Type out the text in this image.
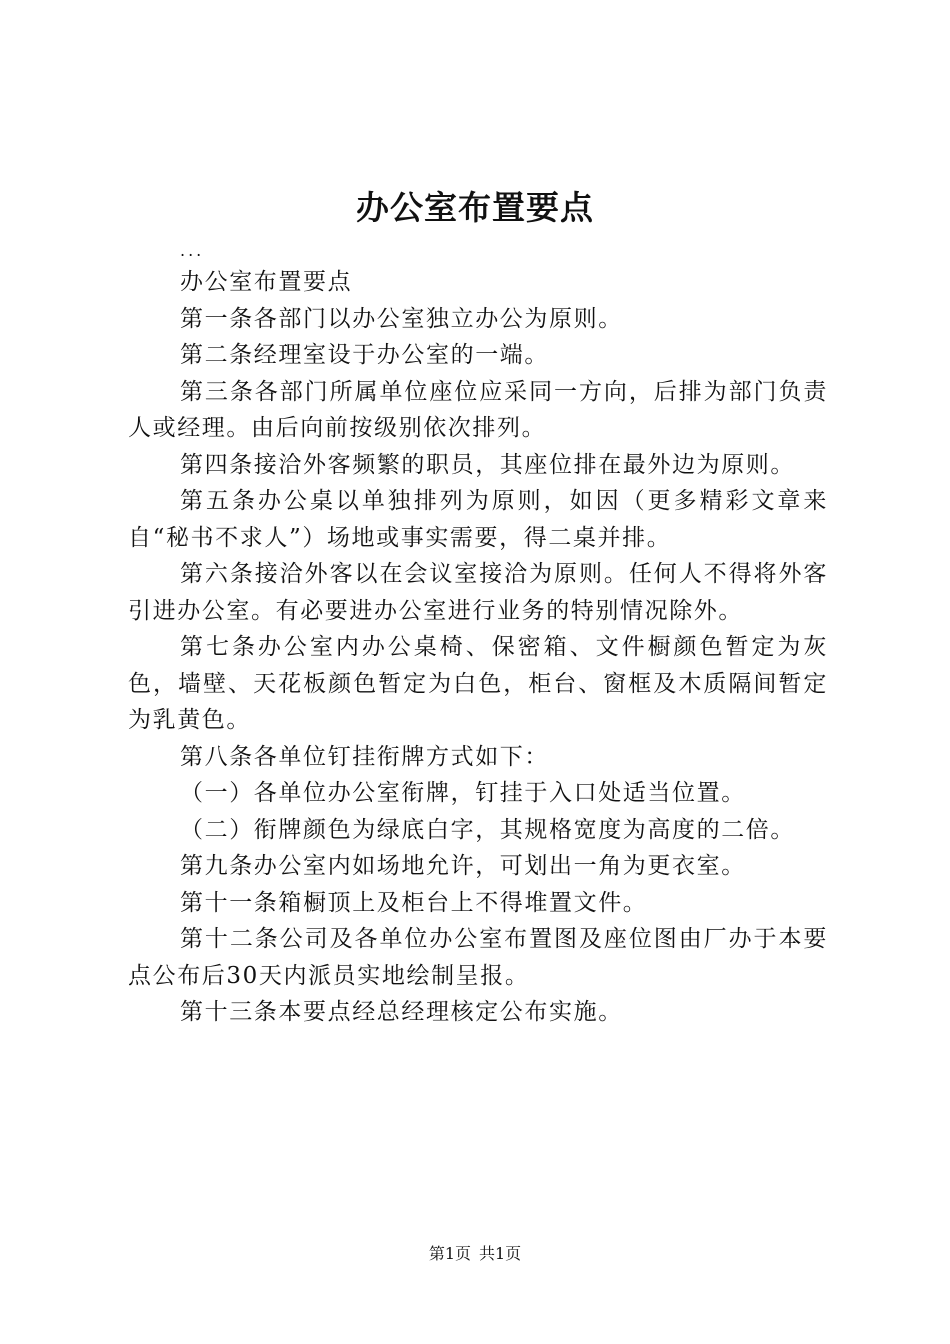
办公室布置要点

...

办公室布置要点

第一条各部门以办公室独立办公为原则。

第二条经理室设于办公室的一端。

第三条各部门所属单位座位应采同一方向，后排为部门负责人或经理。由后向前按级别依次排列。

第四条接洽外客频繁的职员，其座位排在最外边为原则。

第五条办公桌以单独排列为原则，如因（更多精彩文章来自“秘书不求人”）场地或事实需要，得二桌并排。

第六条接洽外客以在会议室接洽为原则。任何人不得将外客引进办公室。有必要进办公室进行业务的特别情况除外。

第七条办公室内办公桌椅、保密箱、文件橱颜色暂定为灰色，墙壁、天花板颜色暂定为白色，柜台、窗框及木质隔间暂定为乳黄色。

第八条各单位钉挂衔牌方式如下：

（一）各单位办公室衔牌，钉挂于入口处适当位置。

（二）衔牌颜色为绿底白字，其规格宽度为高度的二倍。

第九条办公室内如场地允许，可划出一角为更衣室。

第十一条箱橱顶上及柜台上不得堆置文件。

第十二条公司及各单位办公室布置图及座位图由厂办于本要点公布后30天内派员实地绘制呈报。

第十三条本要点经总经理核定公布实施。

第1页 共1页
